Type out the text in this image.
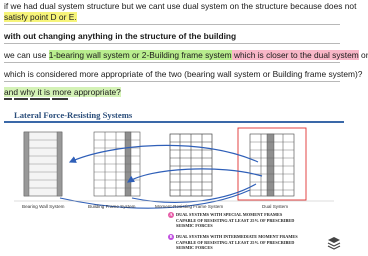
if we had dual system structure but we cant use dual system on the structure because does not
satisfy point D or E.
with out changing anything in the structure of the building
we can use 1-bearing wall system or 2-Building frame system which is closer to the dual system or
which is considered more appropriate of the two (bearing wall system or Building frame system)?
and why it is more appropriate?
Lateral Force-Resisting Systems
Bearing Wall System	Building Frame System	Moment-Resisting Frame System	Dual System
A DUAL SYSTEMS WITH SPECIAL MOMENT FRAMES
CAPABLE OF RESISTING AT LEAST 25% OF PRESCRIBED
SEISMIC FORCES
B DUAL SYSTEMS WITH INTERMEDIATE MOMENT FRAMES
CAPABLE OF RESISTING AT LEAST 25% OF PRESCRIBED
SEISMIC FORCES
